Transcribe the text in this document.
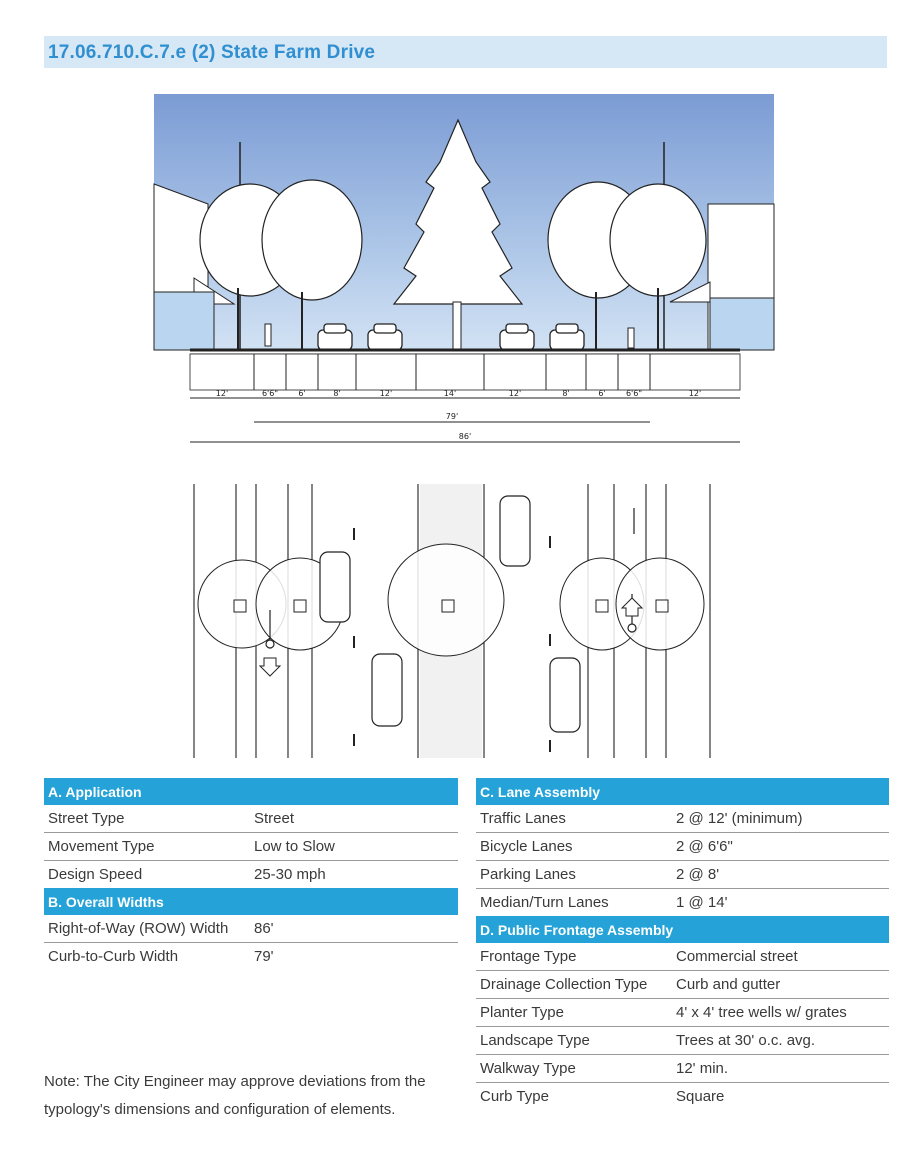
17.06.710.C.7.e (2) State Farm Drive
12'	6'6"	6'	8'	12'	14'	12'	8'	6'	6'6"	12'
79'
86'
A. Application	
Street Type	Street
Movement Type	Low to Slow
Design Speed	25-30 mph
B. Overall Widths	
Right-of-Way (ROW) Width	86'
Curb-to-Curb Width	79'
C. Lane Assembly	
Traffic Lanes	2 @ 12' (minimum)
Bicycle Lanes	2 @ 6'6"
Parking Lanes	2 @ 8'
Median/Turn Lanes	1 @ 14'
D. Public Frontage Assembly	
Frontage Type	Commercial street
Drainage Collection Type	Curb and gutter
Planter Type	4' x 4' tree wells w/ grates
Landscape Type	Trees at 30' o.c. avg.
Walkway Type	12' min.
Curb Type	Square
Note: The City Engineer may approve deviations from the typology's dimensions and configuration of elements.
